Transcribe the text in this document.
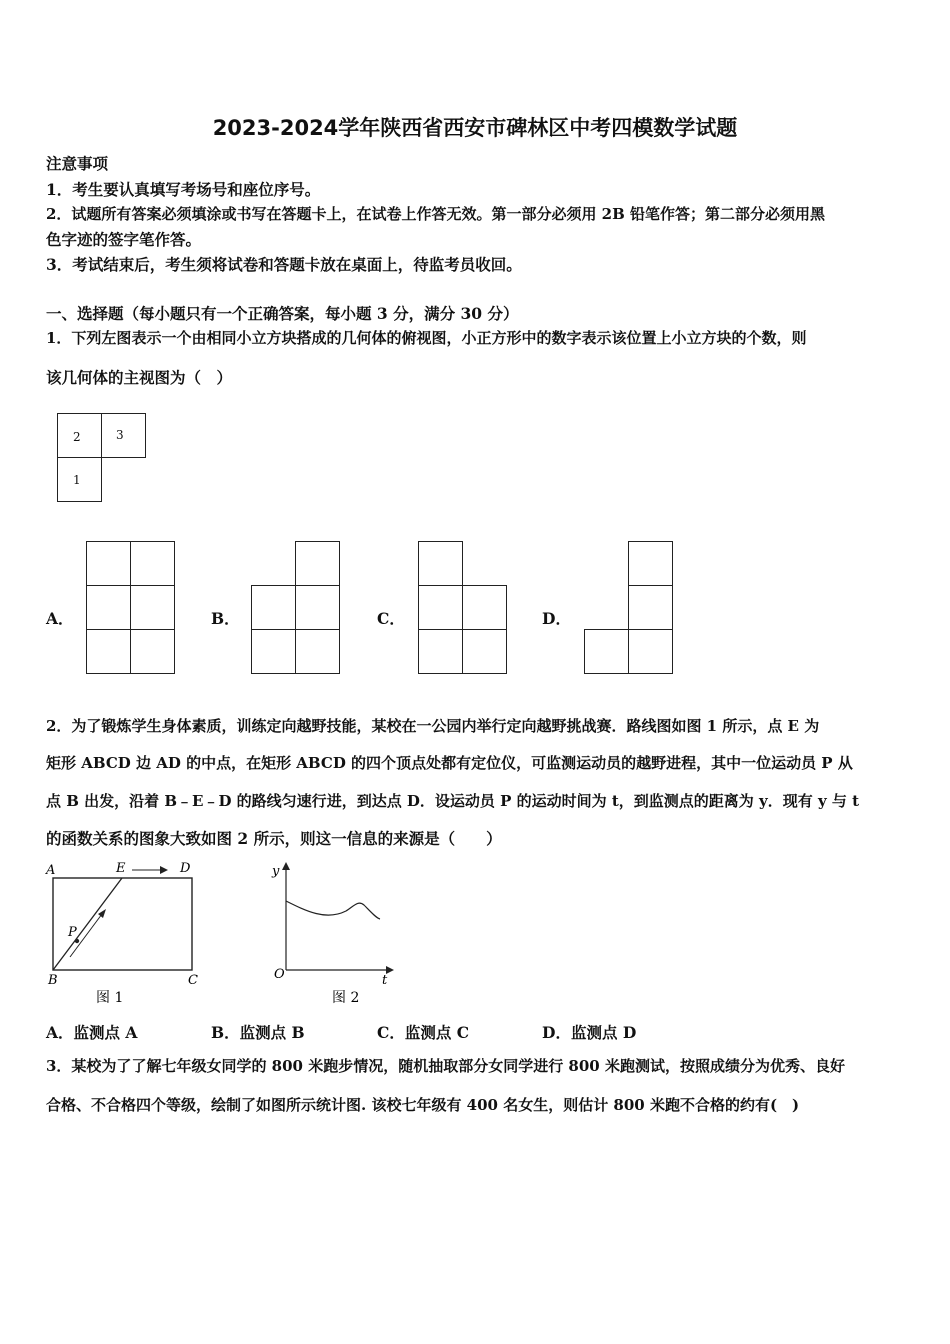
2023-2024学年陕西省西安市碑林区中考四模数学试题
注意事项
1．考生要认真填写考场号和座位序号。
2．试题所有答案必须填涂或书写在答题卡上，在试卷上作答无效。第一部分必须用 2B 铅笔作答；第二部分必须用黑
色字迹的签字笔作答。
3．考试结束后，考生须将试卷和答题卡放在桌面上，待监考员收回。
一、选择题（每小题只有一个正确答案，每小题 3 分，满分 30 分）
1．下列左图表示一个由相同小立方块搭成的几何体的俯视图，小正方形中的数字表示该位置上小立方块的个数，则
该几何体的主视图为（　）
2	3
1
A．	B．	C．	D．
2．为了锻炼学生身体素质，训练定向越野技能，某校在一公园内举行定向越野挑战赛．路线图如图 1 所示，点 E 为
矩形 ABCD 边 AD 的中点，在矩形 ABCD 的四个顶点处都有定位仪，可监测运动员的越野进程，其中一位运动员 P 从
点 B 出发，沿着 B﹣E﹣D 的路线匀速行进，到达点 D．设运动员 P 的运动时间为 t，到监测点的距离为 y．现有 y 与 t
的函数关系的图象大致如图 2 所示，则这一信息的来源是（　　）
A	E	D
P
B	C
图 1
y
O	t
图 2
A．监测点 A	B．监测点 B	C．监测点 C	D．监测点 D
3．某校为了了解七年级女同学的 800 米跑步情况，随机抽取部分女同学进行 800 米跑测试，按照成绩分为优秀、良好
合格、不合格四个等级，绘制了如图所示统计图. 该校七年级有 400 名女生，则估计 800 米跑不合格的约有(　)
